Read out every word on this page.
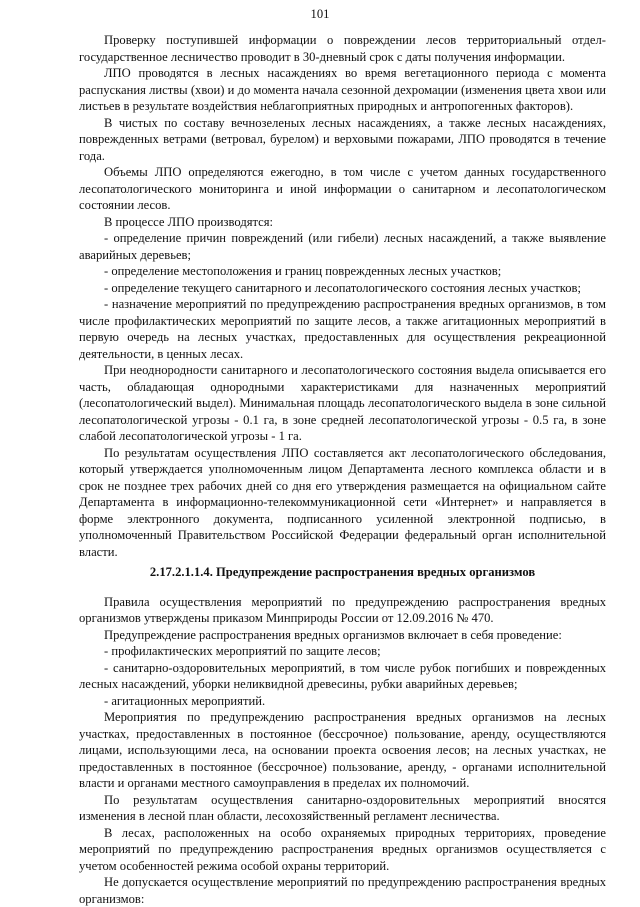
101

Проверку поступившей информации о повреждении лесов территориальный отдел-государственное лесничество проводит в 30-дневный срок с даты получения информации.

ЛПО проводятся в лесных насаждениях во время вегетационного периода с момента распускания листвы (хвои) и до момента начала сезонной дехромации (изменения цвета хвои или листьев в результате воздействия неблагоприятных природных и антропогенных факторов).

В чистых по составу вечнозеленых лесных насаждениях, а также лесных насаждениях, поврежденных ветрами (ветровал, бурелом) и верховыми пожарами, ЛПО проводятся в течение года.

Объемы ЛПО определяются ежегодно, в том числе с учетом данных государственного лесопатологического мониторинга и иной информации о санитарном и лесопатологическом состоянии лесов.

В процессе ЛПО производятся:

- определение причин повреждений (или гибели) лесных насаждений, а также выявление аварийных деревьев;

- определение местоположения и границ поврежденных лесных участков;

- определение текущего санитарного и лесопатологического состояния лесных участков;

- назначение мероприятий по предупреждению распространения вредных организмов, в том числе профилактических мероприятий по защите лесов, а также агитационных мероприятий в первую очередь на лесных участках, предоставленных для осуществления рекреационной деятельности, в ценных лесах.

При неоднородности санитарного и лесопатологического состояния выдела описывается его часть, обладающая однородными характеристиками для назначенных мероприятий (лесопатологический выдел). Минимальная площадь лесопатологического выдела в зоне сильной лесопатологической угрозы - 0.1 га, в зоне средней лесопатологической угрозы - 0.5 га, в зоне слабой лесопатологической угрозы - 1 га.

По результатам осуществления ЛПО составляется акт лесопатологического обследования, который утверждается уполномоченным лицом Департамента лесного комплекса области и в срок не позднее трех рабочих дней со дня его утверждения размещается на официальном сайте Департамента в информационно-телекоммуникационной сети «Интернет» и направляется в форме электронного документа, подписанного усиленной электронной подписью, в уполномоченный Правительством Российской Федерации федеральный орган исполнительной власти.

2.17.2.1.1.4. Предупреждение распространения вредных организмов

Правила осуществления мероприятий по предупреждению распространения вредных организмов утверждены приказом Минприроды России от 12.09.2016 № 470.

Предупреждение распространения вредных организмов включает в себя проведение:

- профилактических мероприятий по защите лесов;

- санитарно-оздоровительных мероприятий, в том числе рубок погибших и поврежденных лесных насаждений, уборки неликвидной древесины, рубки аварийных деревьев;

- агитационных мероприятий.

Мероприятия по предупреждению распространения вредных организмов на лесных участках, предоставленных в постоянное (бессрочное) пользование, аренду, осуществляются лицами, использующими леса, на основании проекта освоения лесов; на лесных участках, не предоставленных в постоянное (бессрочное) пользование, аренду, - органами исполнительной власти и органами местного самоуправления в пределах их полномочий.

По результатам осуществления санитарно-оздоровительных мероприятий вносятся изменения в лесной план области, лесохозяйственный регламент лесничества.

В лесах, расположенных на особо охраняемых природных территориях, проведение мероприятий по предупреждению распространения вредных организмов осуществляется с учетом особенностей режима особой охраны территорий.

Не допускается осуществление мероприятий по предупреждению распространения вредных организмов:
